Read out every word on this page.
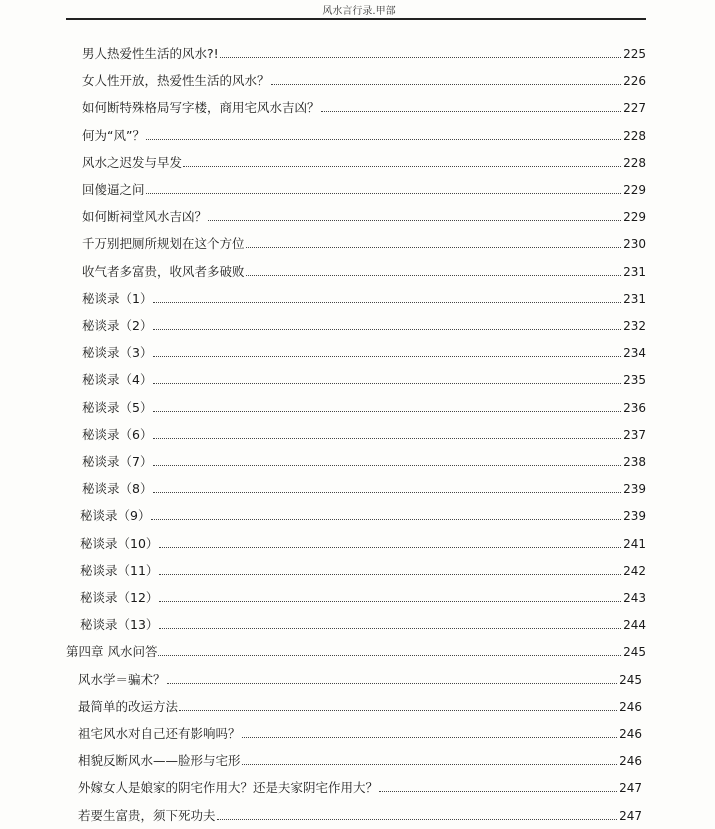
风水言行录.甲部
男人热爱性生活的风水?!	225
女人性开放，热爱性生活的风水？	226
如何断特殊格局写字楼，商用宅风水吉凶？	227
何为“风”？	228
风水之迟发与早发	228
回傻逼之问	229
如何断祠堂风水吉凶？	229
千万别把厕所规划在这个方位	230
收气者多富贵，收风者多破败	231
秘谈录（1）	231
秘谈录（2）	232
秘谈录（3）	234
秘谈录（4）	235
秘谈录（5）	236
秘谈录（6）	237
秘谈录（7）	238
秘谈录（8）	239
秘谈录（9）	239
秘谈录（10）	241
秘谈录（11）	242
秘谈录（12）	243
秘谈录（13）	244
第四章 风水问答	245
风水学＝骗术？	245
最简单的改运方法	246
祖宅风水对自己还有影响吗？	246
相貌反断风水——脸形与宅形	246
外嫁女人是娘家的阴宅作用大？还是夫家阴宅作用大？	247
若要生富贵，须下死功夫	247
